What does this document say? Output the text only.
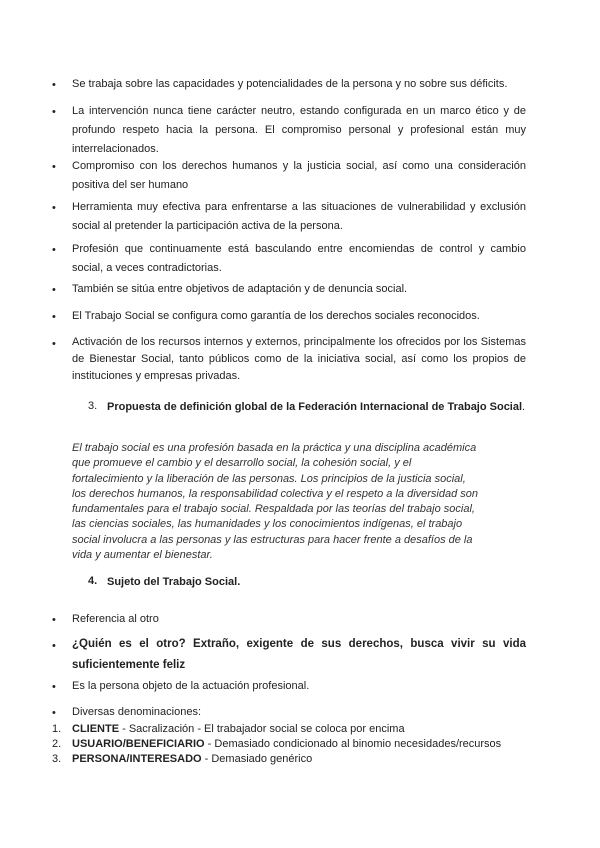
• Se trabaja sobre las capacidades y potencialidades de la persona y no sobre sus déficits.
• La intervención nunca tiene carácter neutro, estando configurada en un marco ético y de profundo respeto hacia la persona. El compromiso personal y profesional están muy interrelacionados.
• Compromiso con los derechos humanos y la justicia social, así como una consideración positiva del ser humano
• Herramienta muy efectiva para enfrentarse a las situaciones de vulnerabilidad y exclusión social al pretender la participación activa de la persona.
• Profesión que continuamente está basculando entre encomiendas de control y cambio social, a veces contradictorias.
• También se sitúa entre objetivos de adaptación y de denuncia social.
• El Trabajo Social se configura como garantía de los derechos sociales reconocidos.
• Activación de los recursos internos y externos, principalmente los ofrecidos por los Sistemas de Bienestar Social, tanto públicos como de la iniciativa social, así como los propios de instituciones y empresas privadas.
3. Propuesta de definición global de la Federación Internacional de Trabajo Social.
El trabajo social es una profesión basada en la práctica y una disciplina académica que promueve el cambio y el desarrollo social, la cohesión social, y el fortalecimiento y la liberación de las personas. Los principios de la justicia social, los derechos humanos, la responsabilidad colectiva y el respeto a la diversidad son fundamentales para el trabajo social. Respaldada por las teorías del trabajo social, las ciencias sociales, las humanidades y los conocimientos indígenas, el trabajo social involucra a las personas y las estructuras para hacer frente a desafíos de la vida y aumentar el bienestar.
4. Sujeto del Trabajo Social.
• Referencia al otro
• ¿Quién es el otro? Extraño, exigente de sus derechos, busca vivir su vida suficientemente feliz
• Es la persona objeto de la actuación profesional.
• Diversas denominaciones:
1. CLIENTE - Sacralización - El trabajador social se coloca por encima
2. USUARIO/BENEFICIARIO - Demasiado condicionado al binomio necesidades/recursos
3. PERSONA/INTERESADO - Demasiado genérico
